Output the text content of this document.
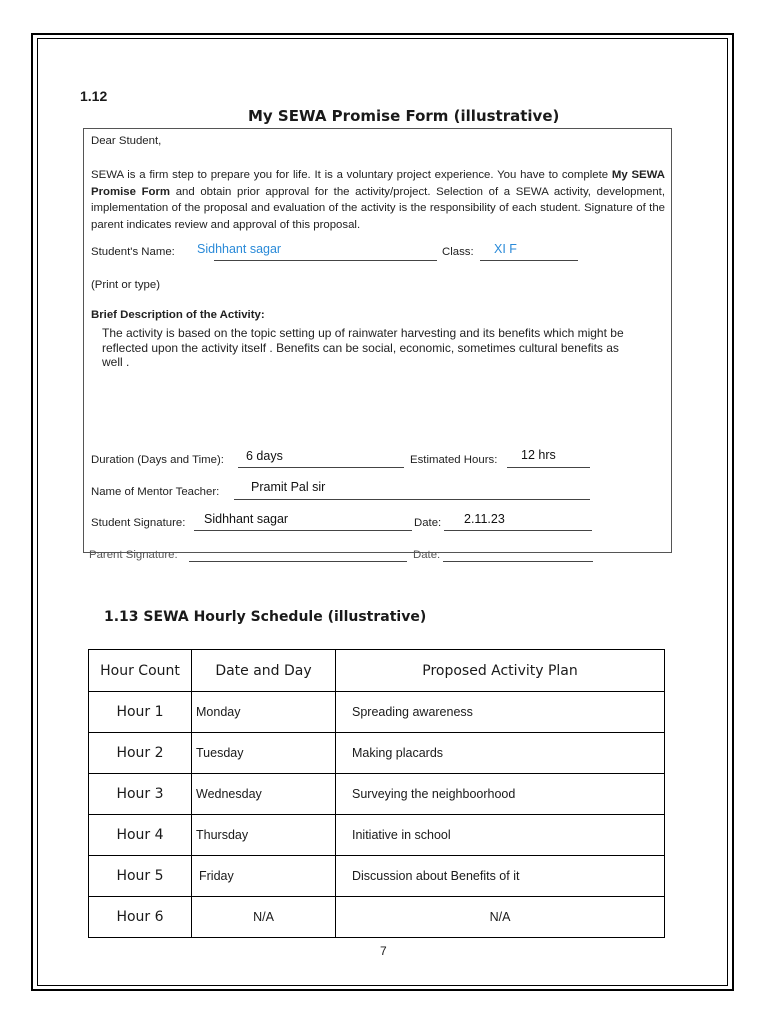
1.12
My SEWA Promise Form (illustrative)
Dear Student,
SEWA is a firm step to prepare you for life. It is a voluntary project experience. You have to complete My SEWA Promise Form and obtain prior approval for the activity/project. Selection of a SEWA activity, development, implementation of the proposal and evaluation of the activity is the responsibility of each student. Signature of the parent indicates review and approval of this proposal.
Student's Name: Sidhhant sagar	Class: XI F
(Print or type)
Brief Description of the Activity:
The activity is based on the topic setting up of rainwater harvesting and its benefits which might be reflected upon the activity itself . Benefits can be social, economic, sometimes cultural benefits as well .
Duration (Days and Time): 6 days	Estimated Hours: 12 hrs
Name of Mentor Teacher:	Pramit Pal sir
Student Signature: Sidhhant sagar	Date: 2.11.23
Parent Signature:	Date:
1.13 SEWA Hourly Schedule (illustrative)
Hour Count	Date and Day	Proposed Activity Plan
Hour 1	Monday	Spreading awareness
Hour 2	Tuesday	Making placards
Hour 3	Wednesday	Surveying the neighboorhood
Hour 4	Thursday	Initiative in school
Hour 5	Friday	Discussion about Benefits of it
Hour 6	N/A	N/A
7
